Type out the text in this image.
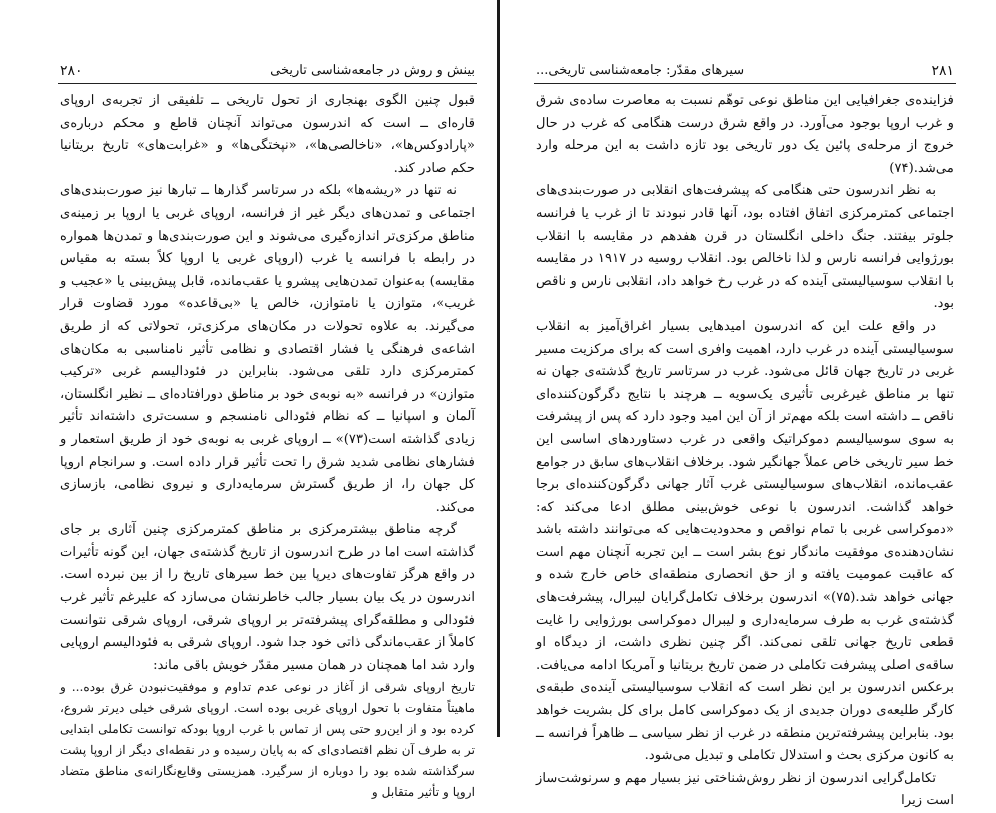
۲۸۰	بینش و روش در جامعه‌شناسی تاریخی

قبول چنین الگوی بهنجاری از تحول تاریخی ــ تلفیقی از تجربه‌ی اروپای قاره‌ای ــ است که اندرسون می‌تواند آنچنان قاطع و محکم درباره‌ی «پارادوکس‌ها»، «ناخالصی‌ها»، «نپختگی‌ها» و «غرابت‌های» تاریخ بریتانیا حکم صادر کند.

نه تنها در «ریشه‌ها» بلکه در سرتاسر گذارها ــ تبارها نیز صورت‌بندی‌های اجتماعی و تمدن‌های دیگر غیر از فرانسه، اروپای غربی یا اروپا بر زمینه‌ی مناطق مرکزی‌تر اندازه‌گیری می‌شوند و این صورت‌بندی‌ها و تمدن‌ها همواره در رابطه با فرانسه یا غرب (اروپای غربی یا اروپا کلاً بسته به مقیاس مقایسه) به‌عنوان تمدن‌هایی پیشرو یا عقب‌مانده، قابل پیش‌بینی یا «عجیب و غریب»، متوازن یا نامتوازن، خالص یا «بی‌قاعده» مورد قضاوت قرار می‌گیرند. به علاوه تحولات در مکان‌های مرکزی‌تر، تحولاتی که از طریق اشاعه‌ی فرهنگی یا فشار اقتصادی و نظامی تأثیر نامناسبی به مکان‌های کمترمرکزی دارد تلقی می‌شود. بنابراین در فئودالیسم غربی «ترکیب متوازن» در فرانسه «به نوبه‌ی خود بر مناطق دورافتاده‌ای ــ نظیر انگلستان، آلمان و اسپانیا ــ که نظام فئودالی نامنسجم و سست‌تری داشته‌اند تأثیر زیادی گذاشته است(۷۳)» ــ اروپای غربی به نوبه‌ی خود از طریق استعمار و فشارهای نظامی شدید شرق را تحت تأثیر قرار داده است. و سرانجام اروپا کل جهان را، از طریق گسترش سرمایه‌داری و نیروی نظامی، بازسازی می‌کند.

گرچه مناطق بیشترمرکزی بر مناطق کمترمرکزی چنین آثاری بر جای گذاشته است اما در طرح اندرسون از تاریخ گذشته‌ی جهان، این گونه تأثیرات در واقع هرگز تفاوت‌های دیرپا بین خط سیرهای تاریخ را از بین نبرده است. اندرسون در یک بیان بسیار جالب خاطرنشان می‌سازد که علیرغم تأثیر غرب فئودالی و مطلقه‌گرای پیشرفته‌تر بر اروپای شرقی، اروپای شرقی نتوانست کاملاً از عقب‌ماندگی ذاتی خود جدا شود. اروپای شرقی به فئودالیسم اروپایی وارد شد اما همچنان در همان مسیر مقدّر خویش باقی ماند:

تاریخ اروپای شرقی از آغاز در نوعی عدم تداوم و موفقیت‌نبودن غرق بوده... و ماهیتاً متفاوت با تحول اروپای غربی بوده است. اروپای شرقی خیلی دیرتر شروع، کرده بود و از این‌رو حتی پس از تماس با غرب اروپا بودکه توانست تکاملی ابتدایی تر به طرف آن نظم اقتصادی‌ای که به پایان رسیده و در نقطه‌ای دیگر از اروپا پشت سرگذاشته شده بود را دوباره از سرگیرد. همزیستی وقایع‌نگارانه‌ی مناطق متضاد اروپا و تأثیر متقابل و

سیرهای مقدّر: جامعه‌شناسی تاریخی...	۲۸۱

فزاینده‌ی جغرافیایی این مناطق نوعی توهّم نسبت به معاصرت ساده‌ی شرق و غرب اروپا بوجود می‌آورد. در واقع شرق درست هنگامی که غرب در حال خروج از مرحله‌ی پائین یک دور تاریخی بود تازه داشت به این مرحله وارد می‌شد.(۷۴)

به نظر اندرسون حتی هنگامی که پیشرفت‌های انقلابی در صورت‌بندی‌های اجتماعی کمترمرکزی اتفاق افتاده بود، آنها قادر نبودند تا از غرب یا فرانسه جلوتر بیفتند. جنگ داخلی انگلستان در قرن هفدهم در مقایسه با انقلاب بورژوایی فرانسه نارس و لذا ناخالص بود. انقلاب روسیه در ۱۹۱۷ در مقایسه با انقلاب سوسیالیستی آینده که در غرب رخ خواهد داد، انقلابی نارس و ناقص بود.

در واقع علت این که اندرسون امیدهایی بسیار اغراق‌آمیز به انقلاب سوسیالیستی آینده در غرب دارد، اهمیت وافری است که برای مرکزیت مسیر غربی در تاریخ جهان قائل می‌شود. غرب در سرتاسر تاریخ گذشته‌ی جهان نه تنها بر مناطق غیرغربی تأثیری یک‌سویه ــ هرچند با نتایج دگرگون‌کننده‌ای ناقص ــ داشته است بلکه مهم‌تر از آن این امید وجود دارد که پس از پیشرفت به سوی سوسیالیسم دموکراتیک واقعی در غرب دستاوردهای اساسی این خط سیر تاریخی خاص عملاً جهانگیر شود. برخلاف انقلاب‌های سابق در جوامع عقب‌مانده، انقلاب‌های سوسیالیستی غرب آثار جهانی دگرگون‌کننده‌ای برجا خواهد گذاشت. اندرسون با نوعی خوش‌بینی مطلق ادعا می‌کند که: «دموکراسی غربی با تمام نواقص و محدودیت‌هایی که می‌توانند داشته باشد نشان‌دهنده‌ی موفقیت ماندگار نوع بشر است ــ این تجربه آنچنان مهم است که عاقبت عمومیت یافته و از حق انحصاری منطقه‌ای خاص خارج شده و جهانی خواهد شد.(۷۵)» اندرسون برخلاف تکامل‌گرایان لیبرال، پیشرفت‌های گذشته‌ی غرب به طرف سرمایه‌داری و لیبرال دموکراسی بورژوایی را غایت قطعی تاریخ جهانی تلقی نمی‌کند. اگر چنین نظری داشت، از دیدگاه او ساقه‌ی اصلی پیشرفت تکاملی در ضمن تاریخ بریتانیا و آمریکا ادامه می‌یافت. برعکس اندرسون بر این نظر است که انقلاب سوسیالیستی آینده‌ی طبقه‌ی کارگر طلیعه‌ی دوران جدیدی از یک دموکراسی کامل برای کل بشریت خواهد بود. بنابراین پیشرفته‌ترین منطقه در غرب از نظر سیاسی ــ ظاهراً فرانسه ــ به کانون مرکزی بحث و استدلال تکاملی و تبدیل می‌شود.

تکامل‌گرایی اندرسون از نظر روش‌شناختی نیز بسیار مهم و سرنوشت‌ساز است زیرا
